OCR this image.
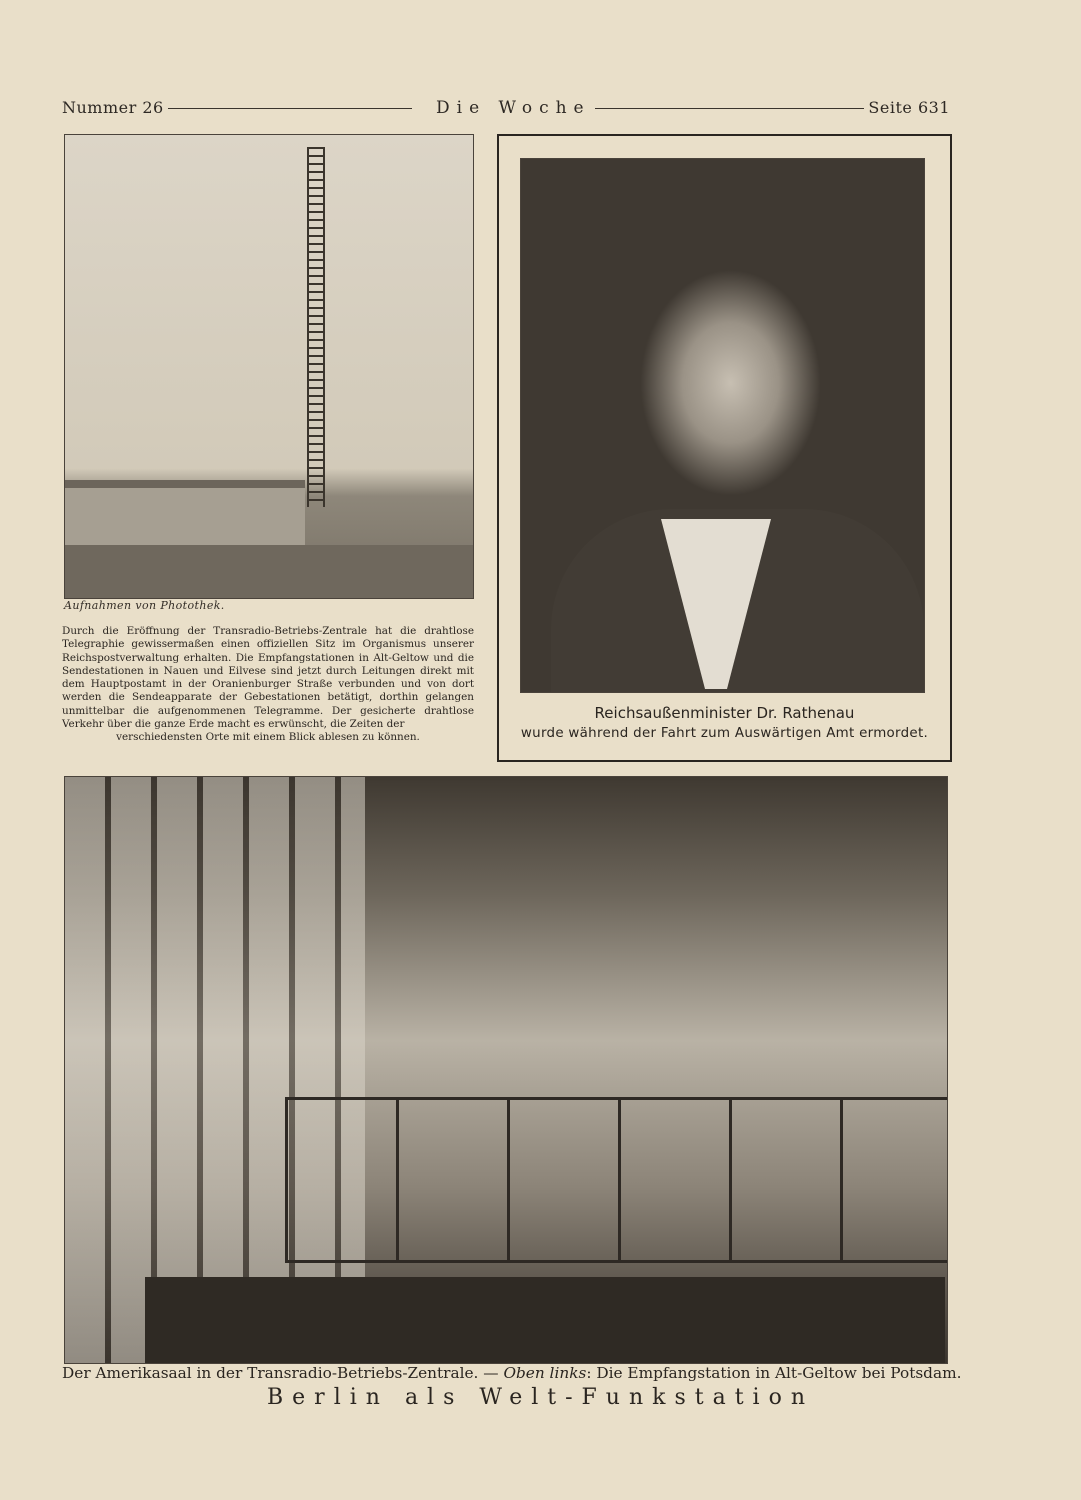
Nummer 26	Die Woche	Seite 631
Aufnahmen von Photothek.
Durch die Eröffnung der Transradio-Betriebs-Zentrale hat die drahtlose Telegraphie gewissermaßen einen offiziellen Sitz im Organismus unserer Reichspostverwaltung erhalten. Die Empfangstationen in Alt-Geltow und die Sendestationen in Nauen und Eilvese sind jetzt durch Leitungen direkt mit dem Hauptpostamt in der Oranienburger Straße verbunden und von dort werden die Sendeapparate der Gebestationen betätigt, dorthin gelangen unmittelbar die aufgenommenen Telegramme. Der gesicherte drahtlose Verkehr über die ganze Erde macht es erwünscht, die Zeiten der
verschiedensten Orte mit einem Blick ablesen zu können.
Reichsaußenminister Dr. Rathenau
wurde während der Fahrt zum Auswärtigen Amt ermordet.
Der Amerikasaal in der Transradio-Betriebs-Zentrale. — Oben links: Die Empfangstation in Alt-Geltow bei Potsdam.
Berlin als Welt-Funkstation
